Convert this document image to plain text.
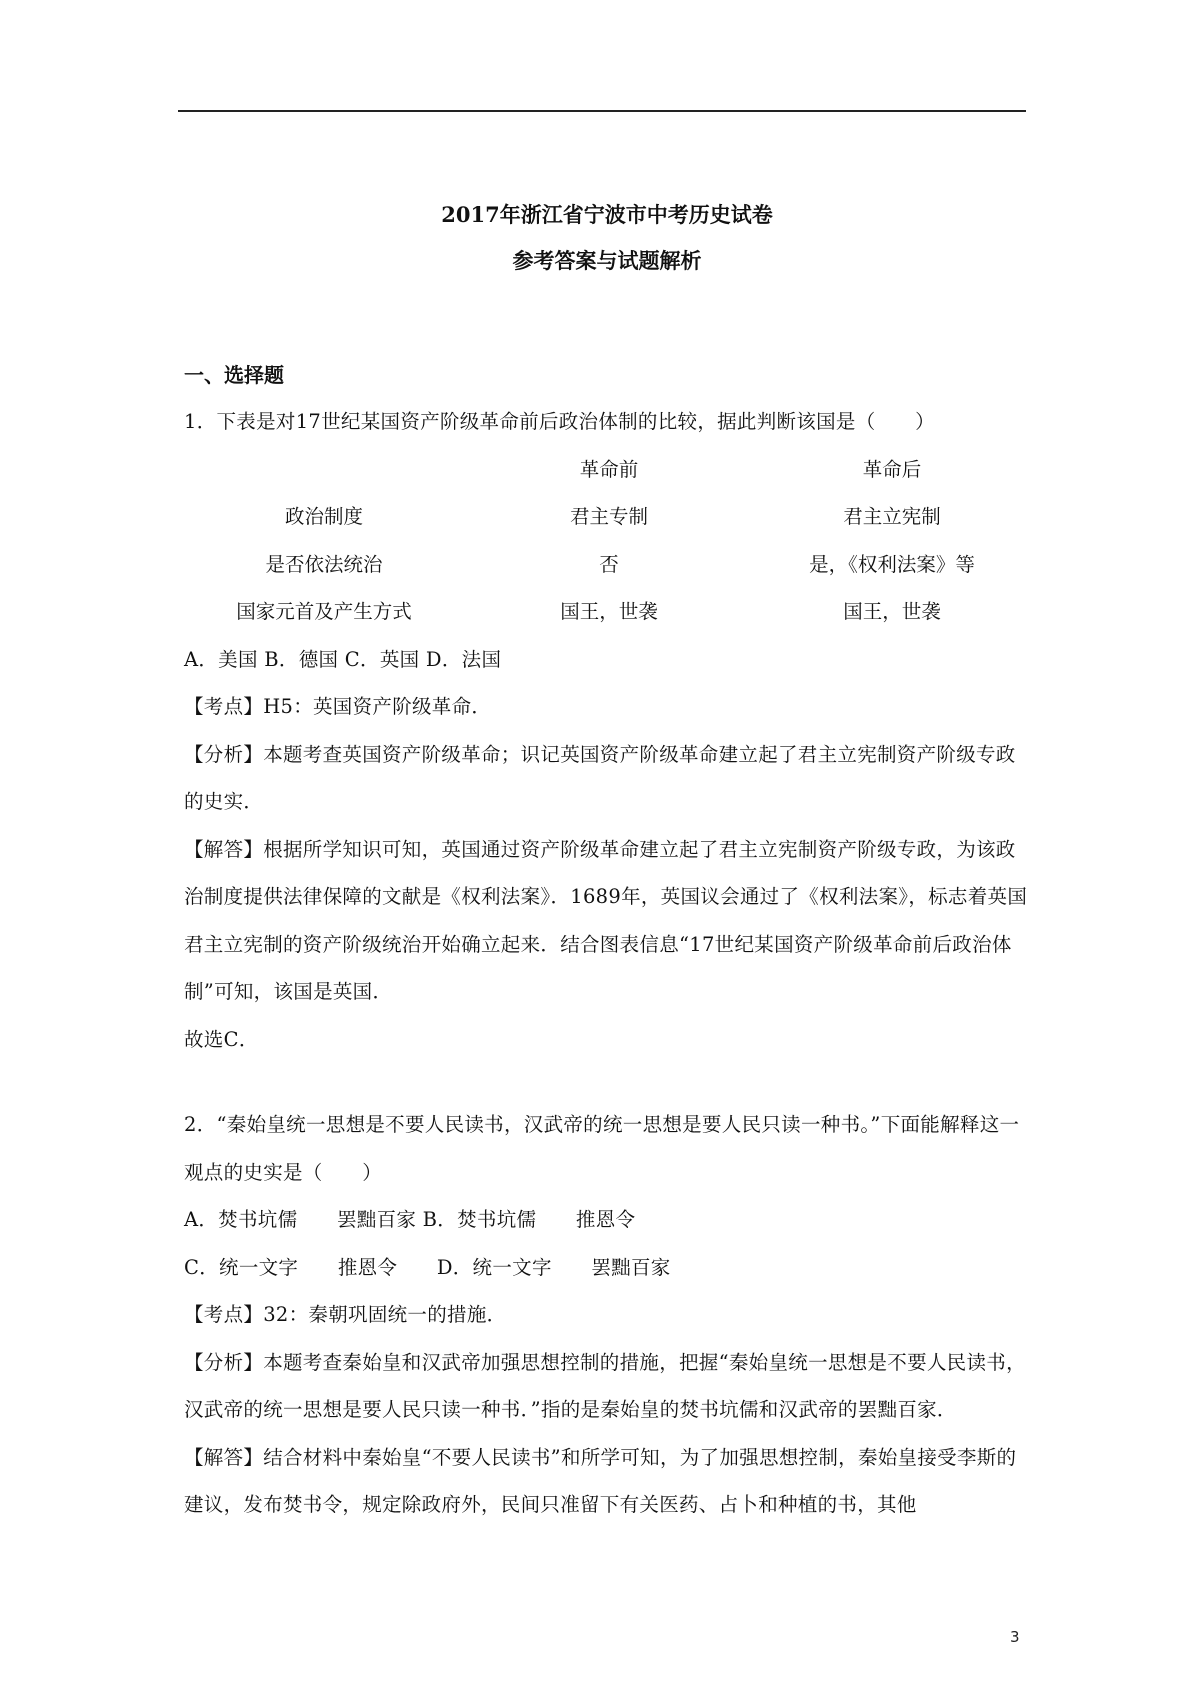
2017年浙江省宁波市中考历史试卷

参考答案与试题解析

一、选择题

1．下表是对17世纪某国资产阶级革命前后政治体制的比较，据此判断该国是（　　）

	革命前	革命后
政治制度	君主专制	君主立宪制
是否依法统治	否	是，《权利法案》等
国家元首及产生方式	国王，世袭	国王，世袭

A．美国 B．德国 C．英国 D．法国

【考点】H5：英国资产阶级革命．

【分析】本题考查英国资产阶级革命；识记英国资产阶级革命建立起了君主立宪制资产阶级专政的史实．

【解答】根据所学知识可知，英国通过资产阶级革命建立起了君主立宪制资产阶级专政，为该政治制度提供法律保障的文献是《权利法案》．1689年，英国议会通过了《权利法案》，标志着英国君主立宪制的资产阶级统治开始确立起来．结合图表信息“17世纪某国资产阶级革命前后政治体制”可知，该国是英国．

故选C．

2．“秦始皇统一思想是不要人民读书，汉武帝的统一思想是要人民只读一种书。”下面能解释这一观点的史实是（　　）

A．焚书坑儒　　罢黜百家 B．焚书坑儒　　推恩令

C．统一文字　　推恩令　　D．统一文字　　罢黜百家

【考点】32：秦朝巩固统一的措施．

【分析】本题考查秦始皇和汉武帝加强思想控制的措施，把握“秦始皇统一思想是不要人民读书，汉武帝的统一思想是要人民只读一种书．”指的是秦始皇的焚书坑儒和汉武帝的罢黜百家．

【解答】结合材料中秦始皇“不要人民读书”和所学可知，为了加强思想控制，秦始皇接受李斯的建议，发布焚书令，规定除政府外，民间只准留下有关医药、占卜和种植的书，其他

3
